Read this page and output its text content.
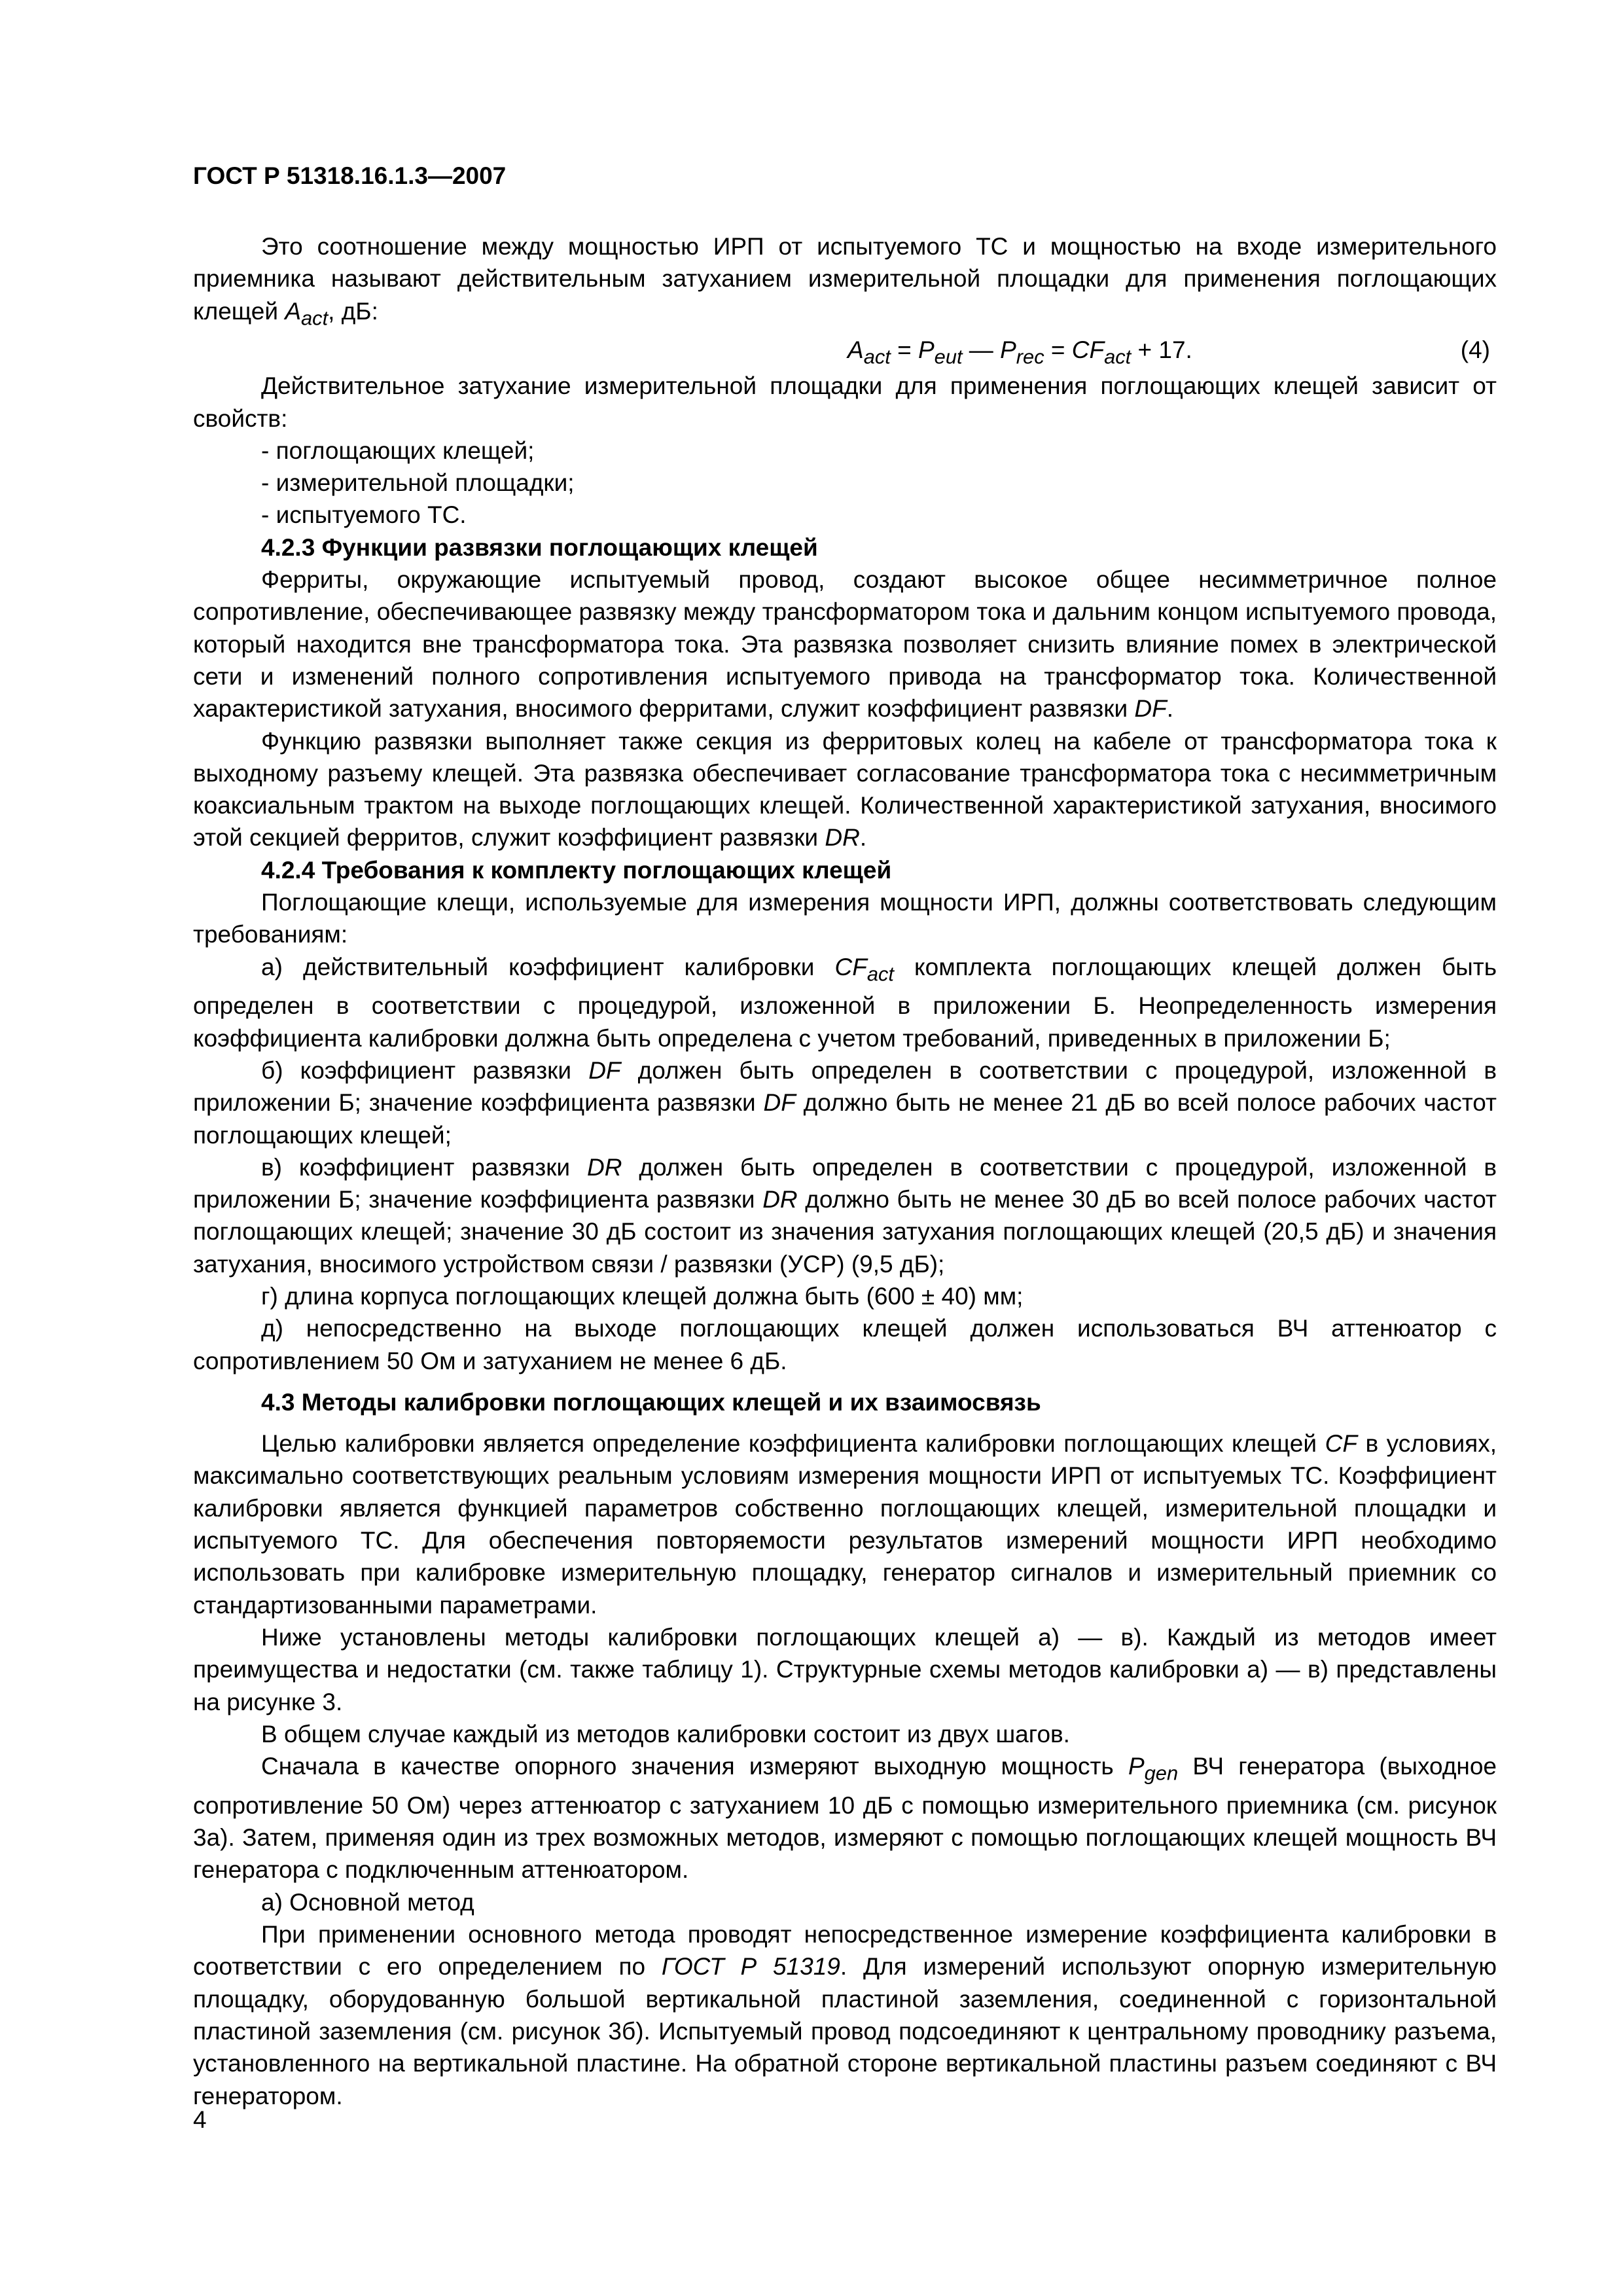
ГОСТ Р 51318.16.1.3—2007

Это соотношение между мощностью ИРП от испытуемого ТС и мощностью на входе измерительного приемника называют действительным затуханием измерительной площадки для применения поглощающих клещей $A_{act}$, дБ:

$A_{act} = P_{eut}$ — $P_{rec} = CF_{act} + 17$.	(4)

Действительное затухание измерительной площадки для применения поглощающих клещей зависит от свойств:

- поглощающих клещей;

- измерительной площадки;

- испытуемого ТС.

4.2.3 Функции развязки поглощающих клещей

Ферриты, окружающие испытуемый провод, создают высокое общее несимметричное полное сопротивление, обеспечивающее развязку между трансформатором тока и дальним концом испытуемого провода, который находится вне трансформатора тока. Эта развязка позволяет снизить влияние помех в электрической сети и изменений полного сопротивления испытуемого привода на трансформатор тока. Количественной характеристикой затухания, вносимого ферритами, служит коэффициент развязки DF.

Функцию развязки выполняет также секция из ферритовых колец на кабеле от трансформатора тока к выходному разъему клещей. Эта развязка обеспечивает согласование трансформатора тока с несимметричным коаксиальным трактом на выходе поглощающих клещей. Количественной характеристикой затухания, вносимого этой секцией ферритов, служит коэффициент развязки DR.

4.2.4 Требования к комплекту поглощающих клещей

Поглощающие клещи, используемые для измерения мощности ИРП, должны соответствовать следующим требованиям:

а) действительный коэффициент калибровки $CF_{act}$ комплекта поглощающих клещей должен быть определен в соответствии с процедурой, изложенной в приложении Б. Неопределенность измерения коэффициента калибровки должна быть определена с учетом требований, приведенных в приложении Б;

б) коэффициент развязки DF должен быть определен в соответствии с процедурой, изложенной в приложении Б; значение коэффициента развязки DF должно быть не менее 21 дБ во всей полосе рабочих частот поглощающих клещей;

в) коэффициент развязки DR должен быть определен в соответствии с процедурой, изложенной в приложении Б; значение коэффициента развязки DR должно быть не менее 30 дБ во всей полосе рабочих частот поглощающих клещей; значение 30 дБ состоит из значения затухания поглощающих клещей (20,5 дБ) и значения затухания, вносимого устройством связи / развязки (УСР) (9,5 дБ);

г) длина корпуса поглощающих клещей должна быть (600 ± 40) мм;

д) непосредственно на выходе поглощающих клещей должен использоваться ВЧ аттенюатор с сопротивлением 50 Ом и затуханием не менее 6 дБ.

4.3 Методы калибровки поглощающих клещей и их взаимосвязь

Целью калибровки является определение коэффициента калибровки поглощающих клещей CF в условиях, максимально соответствующих реальным условиям измерения мощности ИРП от испытуемых ТС. Коэффициент калибровки является функцией параметров собственно поглощающих клещей, измерительной площадки и испытуемого ТС. Для обеспечения повторяемости результатов измерений мощности ИРП необходимо использовать при калибровке измерительную площадку, генератор сигналов и измерительный приемник со стандартизованными параметрами.

Ниже установлены методы калибровки поглощающих клещей а) — в). Каждый из методов имеет преимущества и недостатки (см. также таблицу 1). Структурные схемы методов калибровки а) — в) представлены на рисунке 3.

В общем случае каждый из методов калибровки состоит из двух шагов.

Сначала в качестве опорного значения измеряют выходную мощность $P_{gen}$ ВЧ генератора (выходное сопротивление 50 Ом) через аттенюатор с затуханием 10 дБ с помощью измерительного приемника (см. рисунок 3а). Затем, применяя один из трех возможных методов, измеряют с помощью поглощающих клещей мощность ВЧ генератора с подключенным аттенюатором.

а) Основной метод

При применении основного метода проводят непосредственное измерение коэффициента калибровки в соответствии с его определением по ГОСТ Р 51319. Для измерений используют опорную измерительную площадку, оборудованную большой вертикальной пластиной заземления, соединенной с горизонтальной пластиной заземления (см. рисунок 3б). Испытуемый провод подсоединяют к центральному проводнику разъема, установленного на вертикальной пластине. На обратной стороне вертикальной пластины разъем соединяют с ВЧ генератором.

4
